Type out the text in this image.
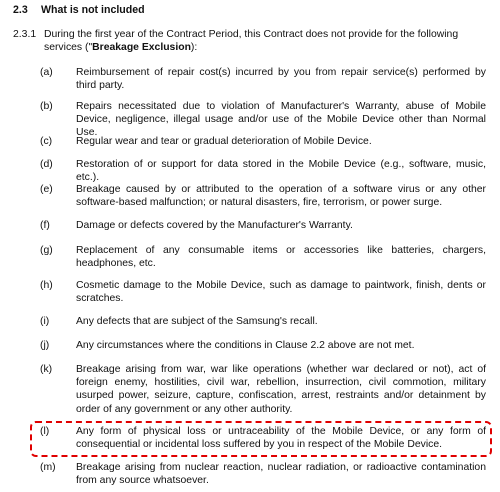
2.3 What is not included
2.3.1 During the first year of the Contract Period, this Contract does not provide for the following services ("Breakage Exclusion):
(a) Reimbursement of repair cost(s) incurred by you from repair service(s) performed by third party.
(b) Repairs necessitated due to violation of Manufacturer's Warranty, abuse of Mobile Device, negligence, illegal usage and/or use of the Mobile Device other than Normal Use.
(c) Regular wear and tear or gradual deterioration of Mobile Device.
(d) Restoration of or support for data stored in the Mobile Device (e.g., software, music, etc.).
(e) Breakage caused by or attributed to the operation of a software virus or any other software-based malfunction; or natural disasters, fire, terrorism, or power surge.
(f)	Damage or defects covered by the Manufacturer's Warranty.
(g) Replacement of any consumable items or accessories like batteries, chargers, headphones, etc.
(h) Cosmetic damage to the Mobile Device, such as damage to paintwork, finish, dents or scratches.
(i)	Any defects that are subject of the Samsung's recall.
(j)	Any circumstances where the conditions in Clause 2.2 above are not met.
(k) Breakage arising from war, war like operations (whether war declared or not), act of foreign enemy, hostilities, civil war, rebellion, insurrection, civil commotion, military usurped power, seizure, capture, confiscation, arrest, restraints and/or detainment by order of any government or any other authority.
(l)	Any form of physical loss or untraceability of the Mobile Device, or any form of consequential or incidental loss suffered by you in respect of the Mobile Device.
(m) Breakage arising from nuclear reaction, nuclear radiation, or radioactive contamination from any source whatsoever.
